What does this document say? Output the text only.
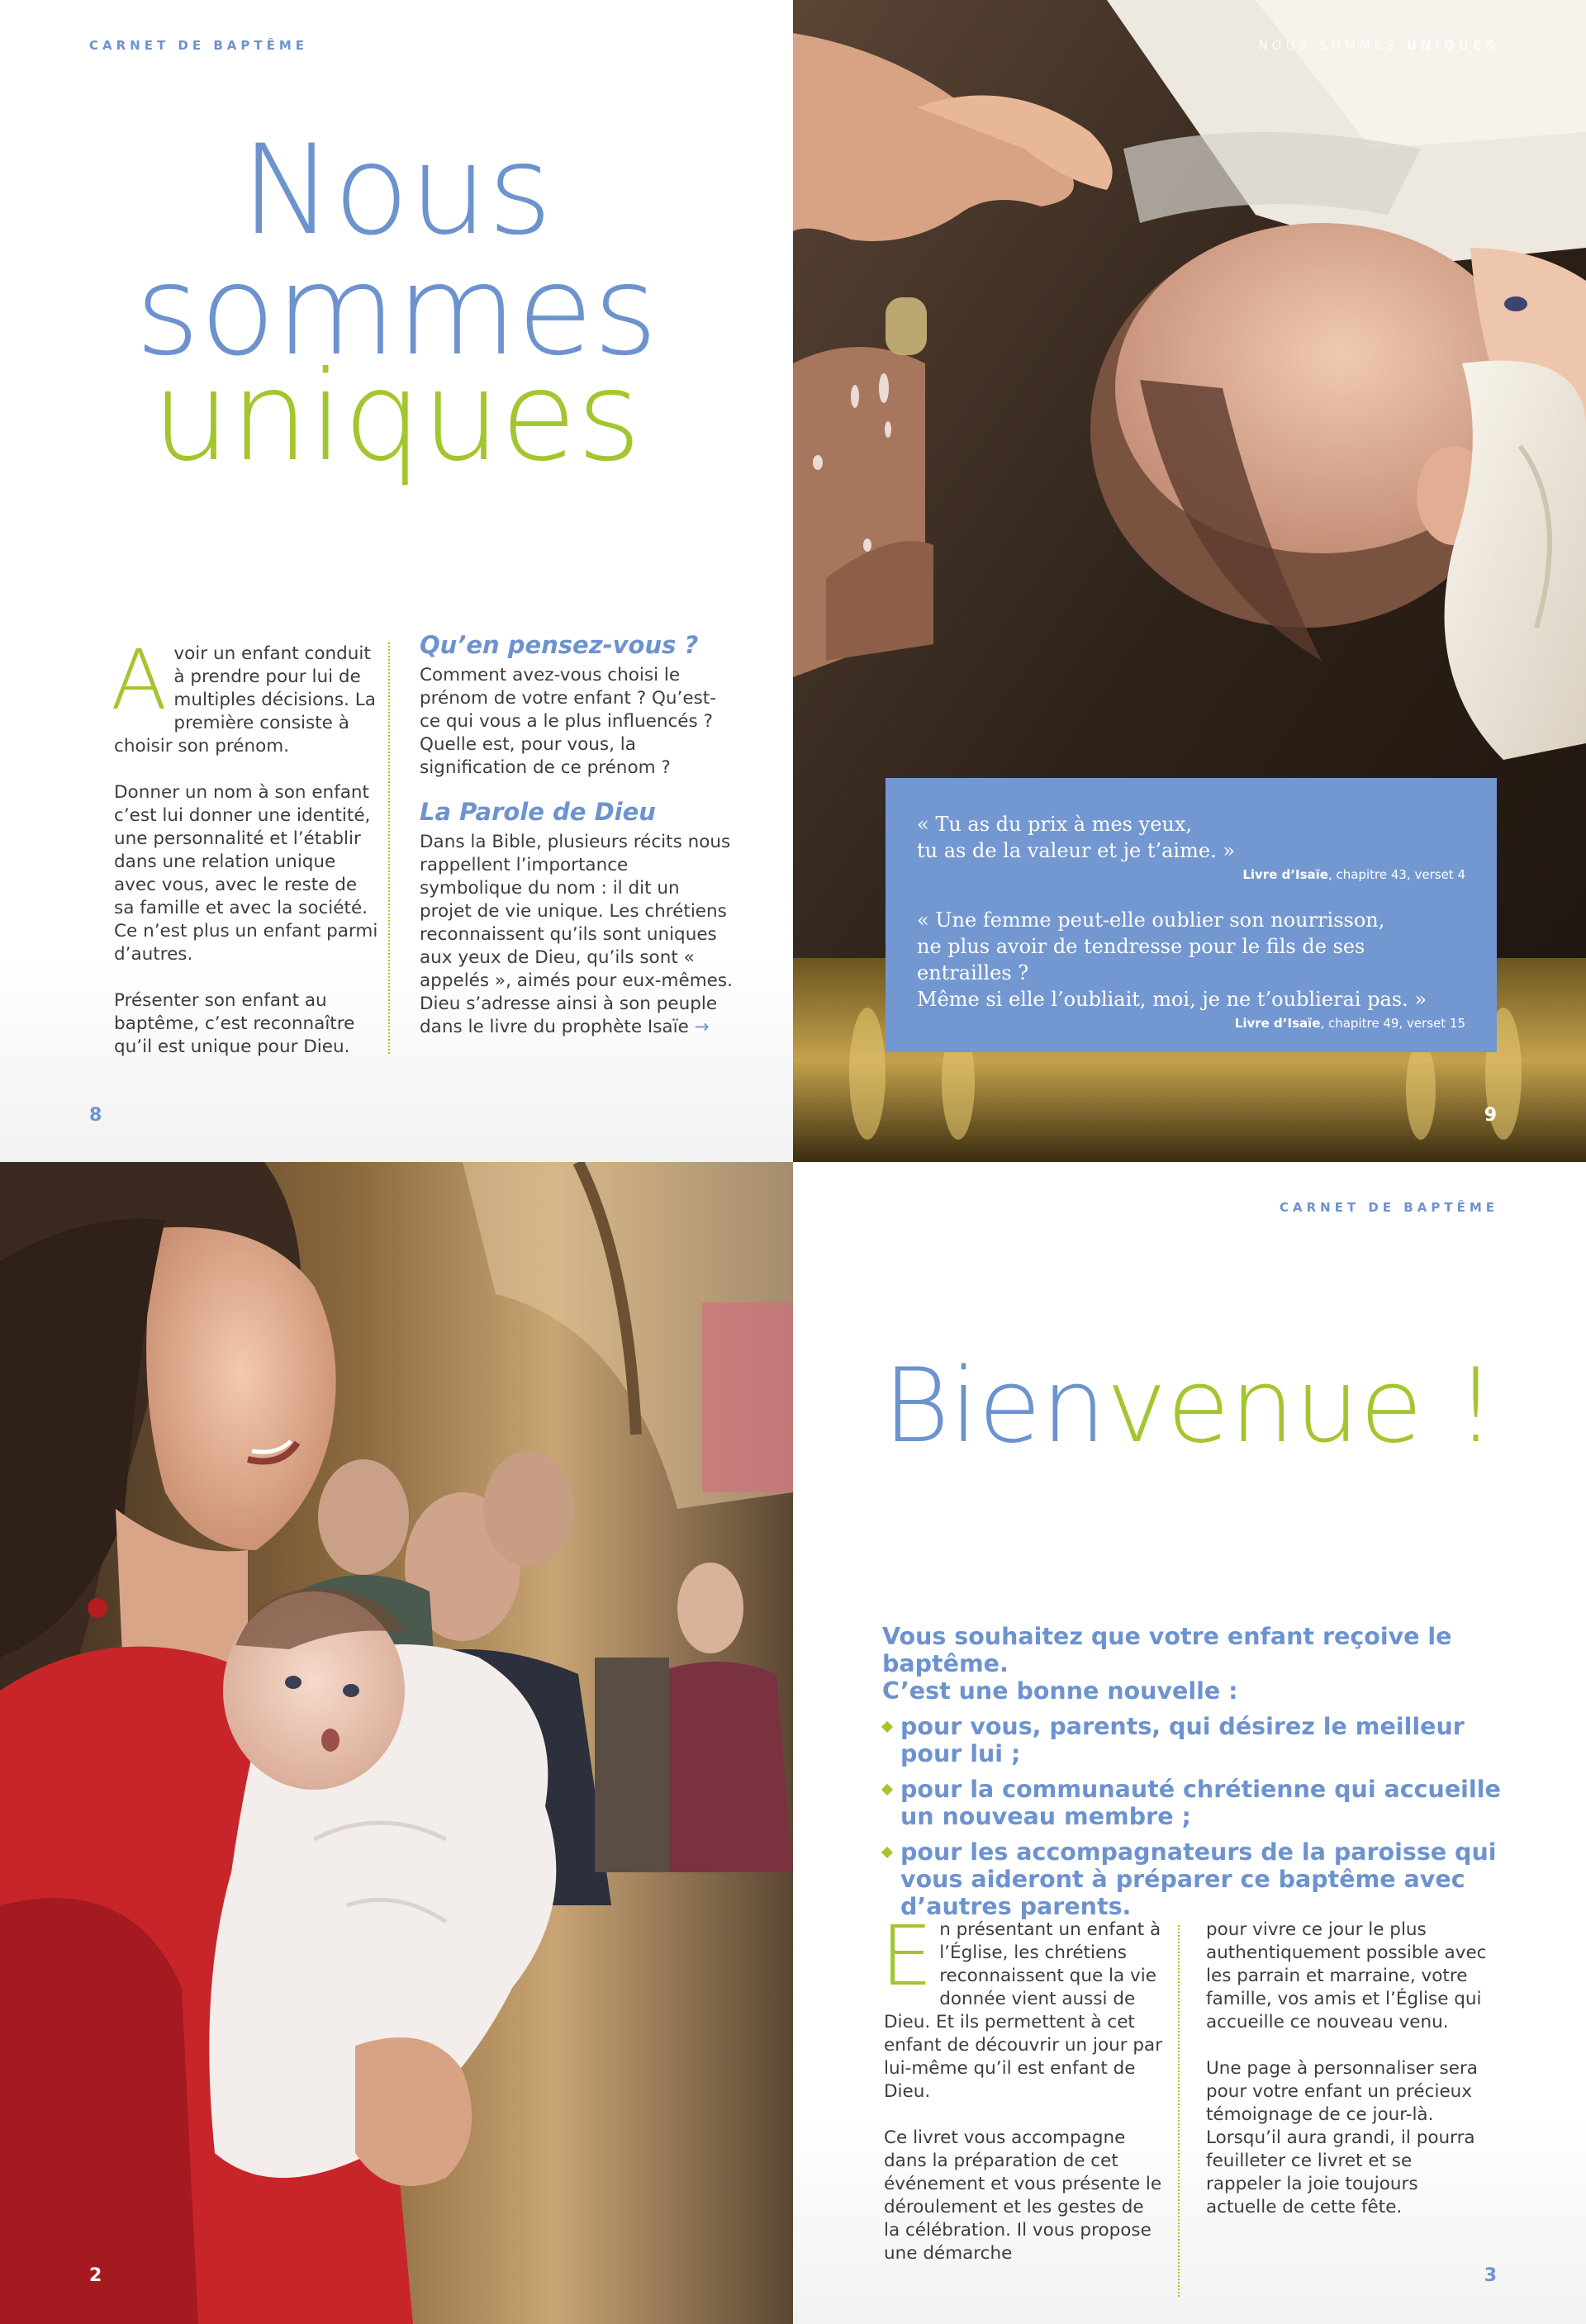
CARNET DE BAPTÊME
Nous
sommes
uniques

Avoir un enfant conduit à prendre pour lui de multiples décisions. La première consiste à choisir son prénom.

Donner un nom à son enfant c’est lui donner une identité, une personnalité et l’établir dans une relation unique avec vous, avec le reste de sa famille et avec la société. Ce n’est plus un enfant parmi d’autres.

Présenter son enfant au baptême, c’est reconnaître qu’il est unique pour Dieu.

Qu’en pensez-vous ?

Comment avez-vous choisi le prénom de votre enfant ? Qu’est-ce qui vous a le plus influencés ? Quelle est, pour vous, la signification de ce prénom ?

La Parole de Dieu

Dans la Bible, plusieurs récits nous rappellent l’importance symbolique du nom : il dit un projet de vie unique. Les chrétiens reconnaissent qu’ils sont uniques aux yeux de Dieu, qu’ils sont « appelés », aimés pour eux-mêmes. Dieu s’adresse ainsi à son peuple dans le livre du prophète Isaïe →

8
NOUS SOMMES UNIQUES
« Tu as du prix à mes yeux,
tu as de la valeur et je t’aime. »
Livre d’Isaïe, chapitre 43, verset 4
« Une femme peut-elle oublier son nourrisson,
ne plus avoir de tendresse pour le fils de ses entrailles ?
Même si elle l’oubliait, moi, je ne t’oublierai pas. »
Livre d’Isaïe, chapitre 49, verset 15
9
2
CARNET DE BAPTÊME
Bienvenue !
Vous souhaitez que votre enfant reçoive le baptême.
C’est une bonne nouvelle :
pour vous, parents, qui désirez le meilleur pour lui ;
pour la communauté chrétienne qui accueille un nouveau membre ;
pour les accompagnateurs de la paroisse qui vous aideront à préparer ce baptême avec d’autres parents.

En présentant un enfant à l’Église, les chrétiens reconnaissent que la vie donnée vient aussi de Dieu. Et ils permettent à cet enfant de découvrir un jour par lui-même qu’il est enfant de Dieu.

Ce livret vous accompagne dans la préparation de cet événement et vous présente le déroulement et les gestes de la célébration. Il vous propose une démarche

pour vivre ce jour le plus authentiquement possible avec les parrain et marraine, votre famille, vos amis et l’Église qui accueille ce nouveau venu.

Une page à personnaliser sera pour votre enfant un précieux témoignage de ce jour-là. Lorsqu’il aura grandi, il pourra feuilleter ce livret et se rappeler la joie toujours actuelle de cette fête.

3
